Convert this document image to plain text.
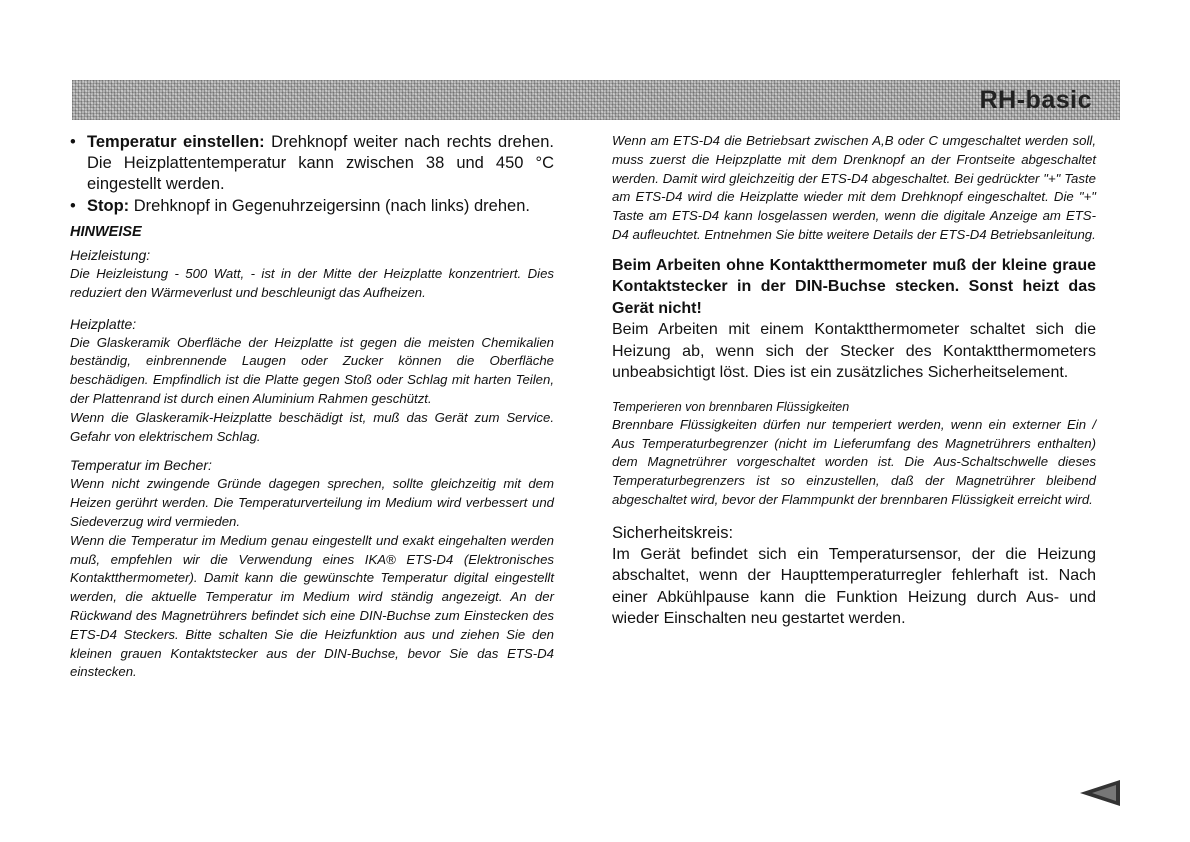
RH-basic

• Temperatur einstellen: Drehknopf weiter nach rechts drehen. Die Heizplattentemperatur kann zwischen 38 und 450 °C eingestellt werden.

• Stop: Drehknopf in Gegenuhrzeigersinn (nach links) drehen.

HINWEISE

Heizleistung:

Die Heizleistung - 500 Watt, - ist in der Mitte der Heizplatte konzentriert. Dies reduziert den Wärmeverlust und beschleunigt das Aufheizen.

Heizplatte:

Die Glaskeramik Oberfläche der Heizplatte ist gegen die meisten Chemikalien beständig, einbrennende Laugen oder Zucker können die Oberfläche beschädigen. Empfindlich ist die Platte gegen Stoß oder Schlag mit harten Teilen, der Plattenrand ist durch einen Aluminium Rahmen geschützt.

Wenn die Glaskeramik-Heizplatte beschädigt ist, muß das Gerät zum Service. Gefahr von elektrischem Schlag.

Temperatur im Becher:

Wenn nicht zwingende Gründe dagegen sprechen, sollte gleichzeitig mit dem Heizen gerührt werden. Die Temperaturverteilung im Medium wird verbessert und Siedeverzug wird vermieden.

Wenn die Temperatur im Medium genau eingestellt und exakt eingehalten werden muß, empfehlen wir die Verwendung eines IKA® ETS-D4 (Elektronisches Kontaktthermometer). Damit kann die gewünschte Temperatur digital eingestellt werden, die aktuelle Temperatur im Medium wird ständig angezeigt. An der Rückwand des Magnetrührers befindet sich eine DIN-Buchse zum Einstecken des ETS-D4 Steckers. Bitte schalten Sie die Heizfunktion aus und ziehen Sie den kleinen grauen Kontaktstecker aus der DIN-Buchse, bevor Sie das ETS-D4 einstecken.

Wenn am ETS-D4 die Betriebsart zwischen A,B oder C umgeschaltet werden soll, muss zuerst die Heipzplatte mit dem Drenknopf an der Frontseite abgeschaltet werden. Damit wird gleichzeitig der ETS-D4 abgeschaltet. Bei gedrückter "+" Taste am ETS-D4 wird die Heizplatte wieder mit dem Drehknopf eingeschaltet. Die "+" Taste am ETS-D4 kann losgelassen werden, wenn die digitale Anzeige am ETS-D4 aufleuchtet. Entnehmen Sie bitte weitere Details der ETS-D4 Betriebsanleitung.

Beim Arbeiten ohne Kontaktthermometer muß der kleine graue Kontaktstecker in der DIN-Buchse stecken. Sonst heizt das Gerät nicht!

Beim Arbeiten mit einem Kontaktthermometer schaltet sich die Heizung ab, wenn sich der Stecker des Kontaktthermometers unbeabsichtigt löst. Dies ist ein zusätzliches Sicherheitselement.

Temperieren von brennbaren Flüssigkeiten

Brennbare Flüssigkeiten dürfen nur temperiert werden, wenn ein externer Ein / Aus Temperaturbegrenzer (nicht im Lieferumfang des Magnetrührers enthalten) dem Magnetrührer vorgeschaltet worden ist. Die Aus-Schaltschwelle dieses Temperaturbegrenzers ist so einzustellen, daß der Magnetrührer bleibend abgeschaltet wird, bevor der Flammpunkt der brennbaren Flüssigkeit erreicht wird.

Sicherheitskreis:

Im Gerät befindet sich ein Temperatursensor, der die Heizung abschaltet, wenn der Haupttemperaturregler fehlerhaft ist. Nach einer Abkühlpause kann die Funktion Heizung durch Aus- und wieder Einschalten neu gestartet werden.
